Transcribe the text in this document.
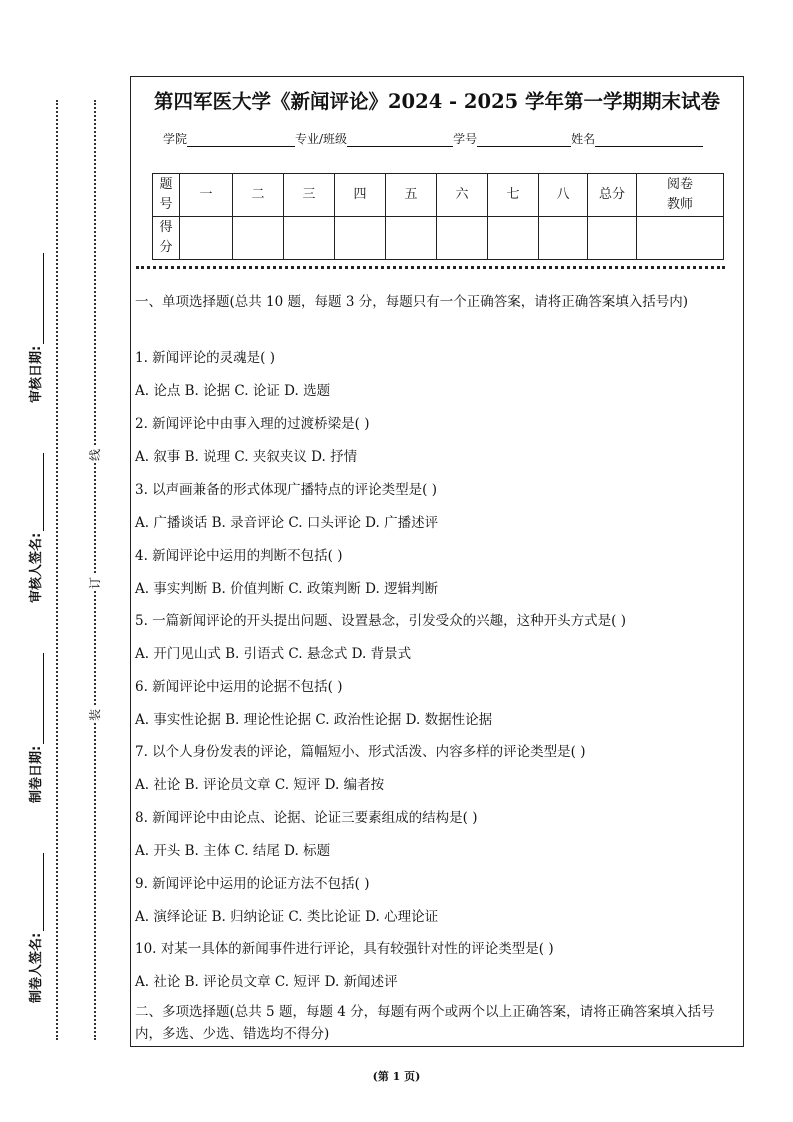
审核日期:
审核人签名:
制卷日期:
制卷人签名:
线
订
装
第四军医大学《新闻评论》2024 - 2025 学年第一学期期末试卷
学院	专业/班级	学号	姓名
题
号	一	二	三	四	五	六	七	八	总分	阅卷
教师
得
分										
一、单项选择题(总共 10 题，每题 3 分，每题只有一个正确答案，请将正确答案填入括号内)
1. 新闻评论的灵魂是( )
A. 论点 B. 论据 C. 论证 D. 选题
2. 新闻评论中由事入理的过渡桥梁是( )
A. 叙事 B. 说理 C. 夹叙夹议 D. 抒情
3. 以声画兼备的形式体现广播特点的评论类型是( )
A. 广播谈话 B. 录音评论 C. 口头评论 D. 广播述评
4. 新闻评论中运用的判断不包括( )
A. 事实判断 B. 价值判断 C. 政策判断 D. 逻辑判断
5. 一篇新闻评论的开头提出问题、设置悬念，引发受众的兴趣，这种开头方式是( )
A. 开门见山式 B. 引语式 C. 悬念式 D. 背景式
6. 新闻评论中运用的论据不包括( )
A. 事实性论据 B. 理论性论据 C. 政治性论据 D. 数据性论据
7. 以个人身份发表的评论，篇幅短小、形式活泼、内容多样的评论类型是( )
A. 社论 B. 评论员文章 C. 短评 D. 编者按
8. 新闻评论中由论点、论据、论证三要素组成的结构是( )
A. 开头 B. 主体 C. 结尾 D. 标题
9. 新闻评论中运用的论证方法不包括( )
A. 演绎论证 B. 归纳论证 C. 类比论证 D. 心理论证
10. 对某一具体的新闻事件进行评论，具有较强针对性的评论类型是( )
A. 社论 B. 评论员文章 C. 短评 D. 新闻述评
二、多项选择题(总共 5 题，每题 4 分，每题有两个或两个以上正确答案，请将正确答案填入括号内，多选、少选、错选均不得分)
(第 1 页)
